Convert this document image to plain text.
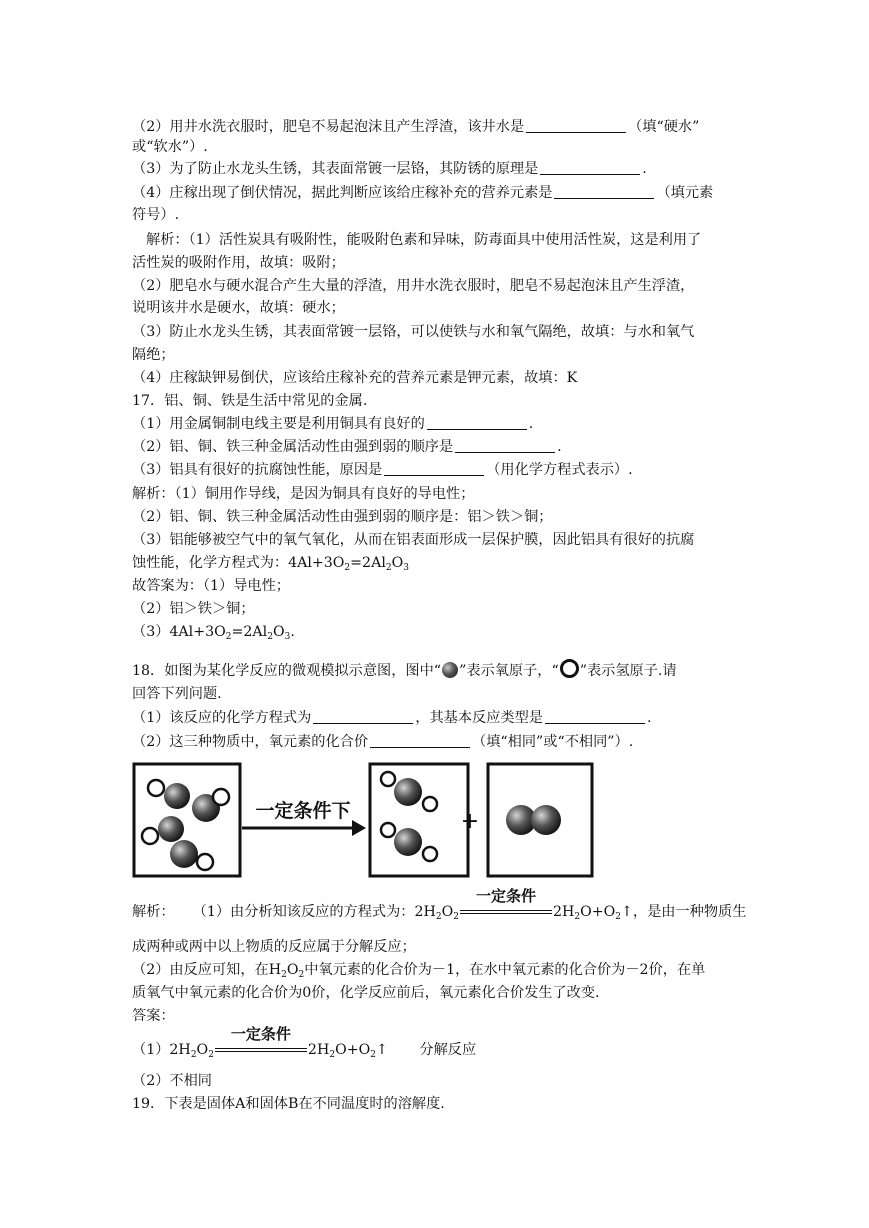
（2）用井水洗衣服时，肥皂不易起泡沫且产生浮渣，该井水是	（填“硬水”
或“软水”）.
（3）为了防止水龙头生锈，其表面常镀一层铬，其防锈的原理是	.
（4）庄稼出现了倒伏情况，据此判断应该给庄稼补充的营养元素是	（填元素
符号）.
解析：（1）活性炭具有吸附性，能吸附色素和异味，防毒面具中使用活性炭，这是利用了
活性炭的吸附作用，故填：吸附；
（2）肥皂水与硬水混合产生大量的浮渣，用井水洗衣服时，肥皂不易起泡沫且产生浮渣，
说明该井水是硬水，故填：硬水；
（3）防止水龙头生锈，其表面常镀一层铬，可以使铁与水和氧气隔绝，故填：与水和氧气
隔绝；
（4）庄稼缺钾易倒伏，应该给庄稼补充的营养元素是钾元素，故填：K
17．铝、铜、铁是生活中常见的金属.
（1）用金属铜制电线主要是利用铜具有良好的	.
（2）铝、铜、铁三种金属活动性由强到弱的顺序是	.
（3）铝具有很好的抗腐蚀性能，原因是	（用化学方程式表示）.
解析：（1）铜用作导线，是因为铜具有良好的导电性；
（2）铝、铜、铁三种金属活动性由强到弱的顺序是：铝＞铁＞铜；
（3）铝能够被空气中的氧气氧化，从而在铝表面形成一层保护膜，因此铝具有很好的抗腐
蚀性能，化学方程式为：$4Al+3O_2=2Al_2O_3$
故答案为：（1）导电性；
（2）铝＞铁＞铜；
$(3)4Al+3O_2=2Al_2O_3$.
18．如图为某化学反应的微观模拟示意图，图中“ ”表示氧原子，“ ”表示氢原子.请
回答下列问题.
（1）该反应的化学方程式为	，其基本反应类型是	.
（2）这三种物质中，氧元素的化合价	（填“相同”或“不相同”）.
一定条件下	+
解析： （1）由分析知该反应的方程式为：$2H_2O_2$
一定条件
$2H_2O+O_2↑$，是由一种物质生
成两种或两中以上物质的反应属于分解反应；
（2）由反应可知，在$H_2O_2$中氧元素的化合价为－1，在水中氧元素的化合价为－2价，在单
质氧气中氧元素的化合价为0价，化学反应前后，氧元素化合价发生了改变.
答案：
$(1)2H_2O_2$
一定条件
$2H_2O+O_2↑$ 分解反应
（2）不相同
19．下表是固体A和固体B在不同温度时的溶解度.
